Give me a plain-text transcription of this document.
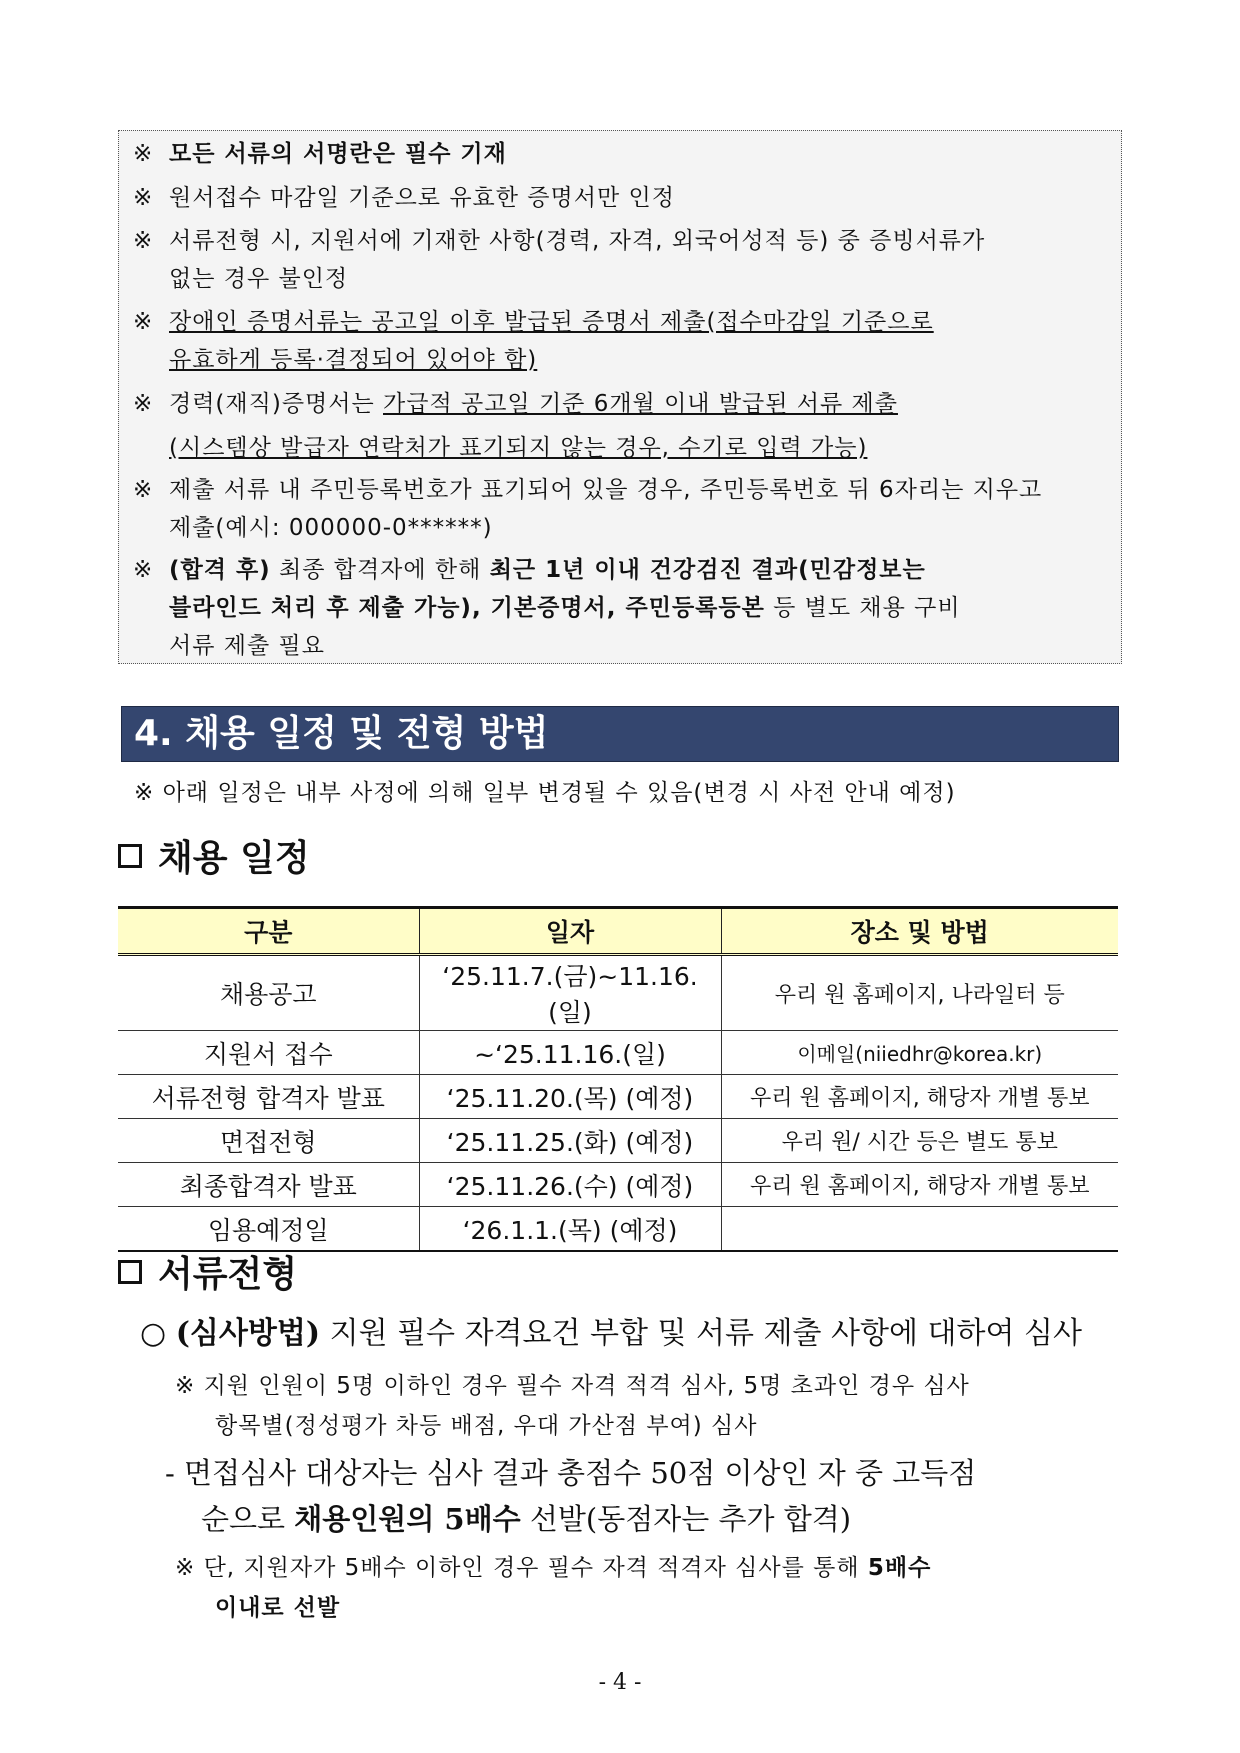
※ 모든 서류의 서명란은 필수 기재
※ 원서접수 마감일 기준으로 유효한 증명서만 인정
※ 서류전형 시, 지원서에 기재한 사항(경력, 자격, 외국어성적 등) 중 증빙서류가
없는 경우 불인정
※ 장애인 증명서류는 공고일 이후 발급된 증명서 제출(접수마감일 기준으로
유효하게 등록·결정되어 있어야 함)
※ 경력(재직)증명서는 가급적 공고일 기준 6개월 이내 발급된 서류 제출
(시스템상 발급자 연락처가 표기되지 않는 경우, 수기로 입력 가능)
※ 제출 서류 내 주민등록번호가 표기되어 있을 경우, 주민등록번호 뒤 6자리는 지우고
제출(예시: 000000-0******)
※ (합격 후) 최종 합격자에 한해 최근 1년 이내 건강검진 결과(민감정보는
블라인드 처리 후 제출 가능), 기본증명서, 주민등록등본 등 별도 채용 구비
서류 제출 필요
4. 채용 일정 및 전형 방법
※ 아래 일정은 내부 사정에 의해 일부 변경될 수 있음(변경 시 사전 안내 예정)
채용 일정
구분	일자	장소 및 방법
채용공고	‘25.11.7.(금)~11.16.(일)	우리 원 홈페이지, 나라일터 등
지원서 접수	~‘25.11.16.(일)	이메일(niiedhr@korea.kr)
서류전형 합격자 발표	‘25.11.20.(목) (예정)	우리 원 홈페이지, 해당자 개별 통보
면접전형	‘25.11.25.(화) (예정)	우리 원/ 시간 등은 별도 통보
최종합격자 발표	‘25.11.26.(수) (예정)	우리 원 홈페이지, 해당자 개별 통보
임용예정일	‘26.1.1.(목) (예정)	
서류전형
○ (심사방법) 지원 필수 자격요건 부합 및 서류 제출 사항에 대하여 심사
※ 지원 인원이 5명 이하인 경우 필수 자격 적격 심사, 5명 초과인 경우 심사
항목별(정성평가 차등 배점, 우대 가산점 부여) 심사
- 면접심사 대상자는 심사 결과 총점수 50점 이상인 자 중 고득점
순으로 채용인원의 5배수 선발(동점자는 추가 합격)
※ 단, 지원자가 5배수 이하인 경우 필수 자격 적격자 심사를 통해 5배수
이내로 선발
- 4 -
